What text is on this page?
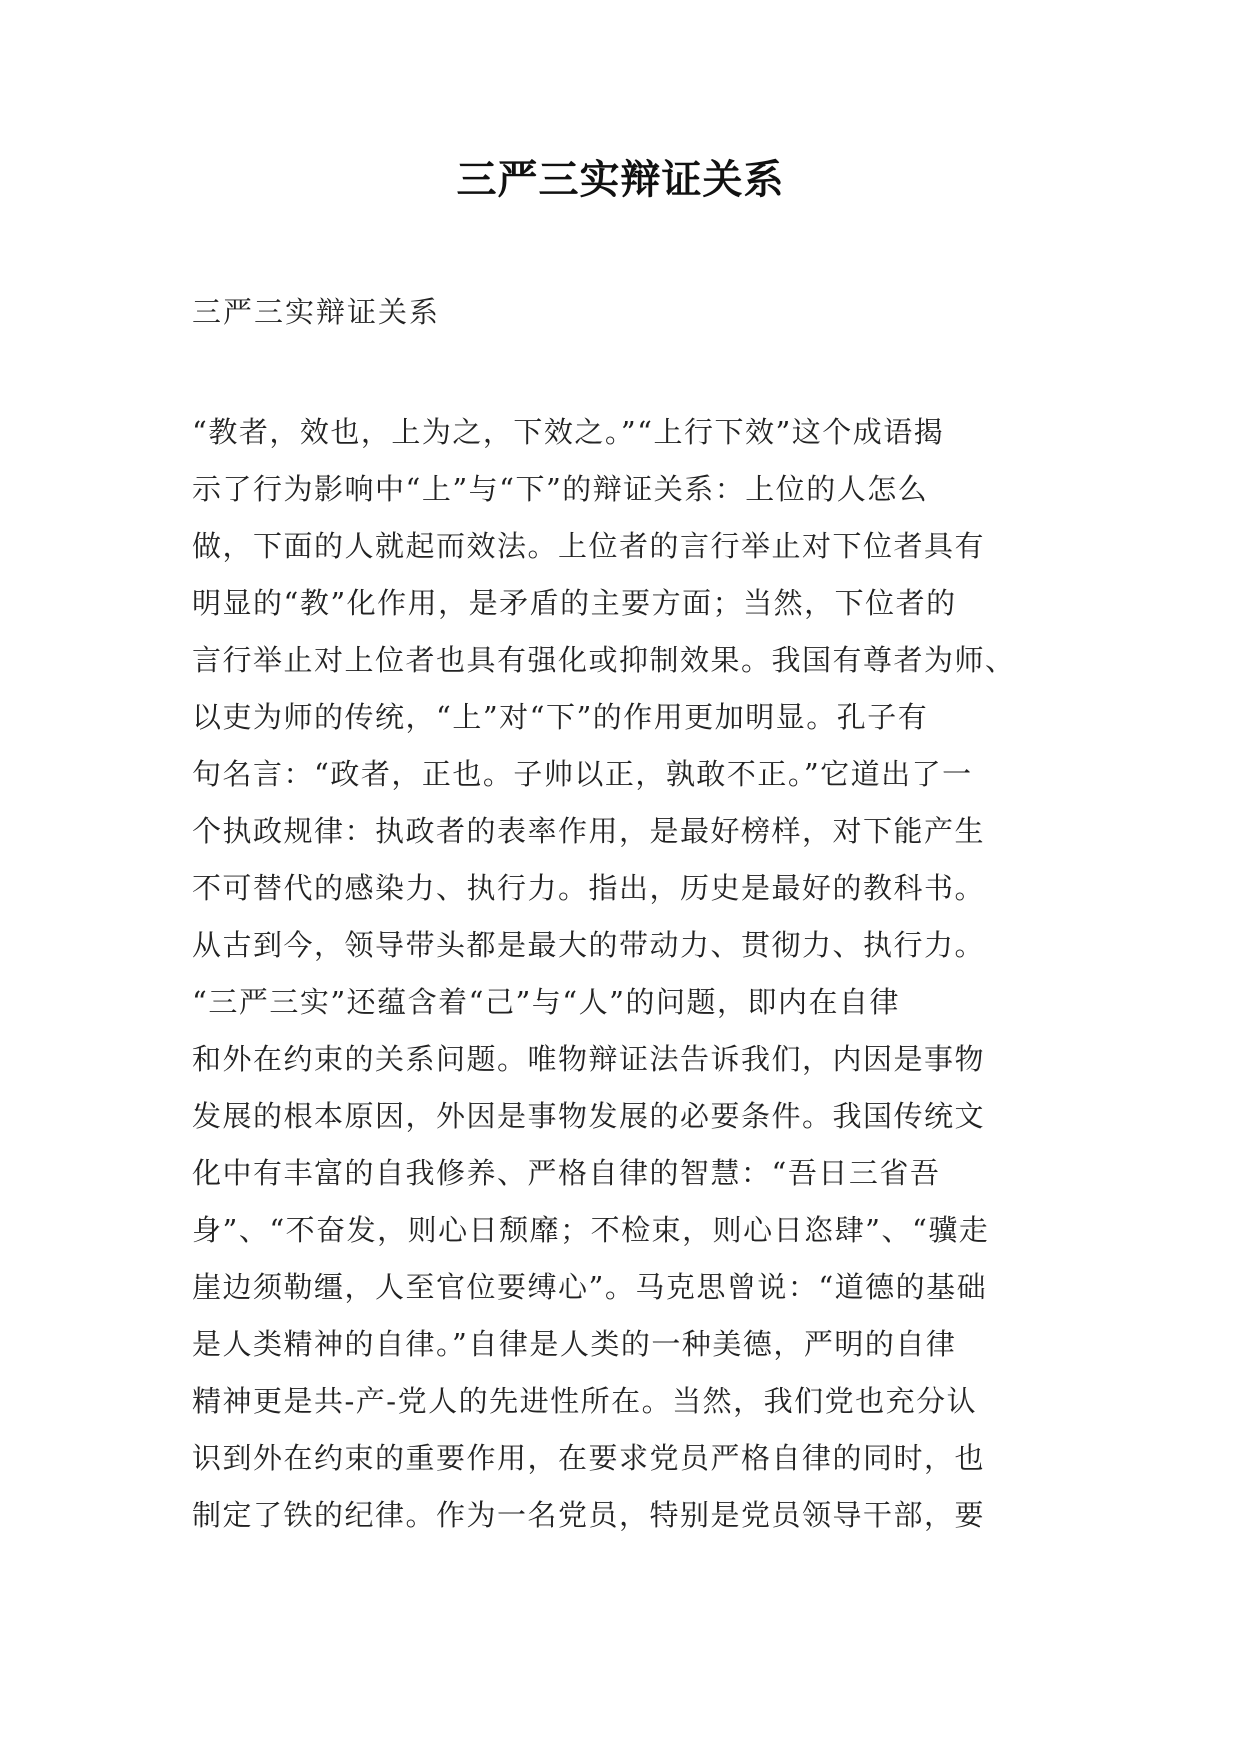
三严三实辩证关系

三严三实辩证关系

“教者，效也，上为之，下效之。”“上行下效”这个成语揭
示了行为影响中“上”与“下”的辩证关系：上位的人怎么
做，下面的人就起而效法。上位者的言行举止对下位者具有
明显的“教”化作用，是矛盾的主要方面；当然，下位者的
言行举止对上位者也具有强化或抑制效果。我国有尊者为师、
以吏为师的传统，“上”对“下”的作用更加明显。孔子有
句名言：“政者，正也。子帅以正，孰敢不正。”它道出了一
个执政规律：执政者的表率作用，是最好榜样，对下能产生
不可替代的感染力、执行力。指出，历史是最好的教科书。
从古到今，领导带头都是最大的带动力、贯彻力、执行力。
“三严三实”还蕴含着“己”与“人”的问题，即内在自律
和外在约束的关系问题。唯物辩证法告诉我们，内因是事物
发展的根本原因，外因是事物发展的必要条件。我国传统文
化中有丰富的自我修养、严格自律的智慧：“吾日三省吾
身”、“不奋发，则心日颓靡；不检束，则心日恣肆”、“骥走
崖边须勒缰，人至官位要缚心”。马克思曾说：“道德的基础
是人类精神的自律。”自律是人类的一种美德，严明的自律
精神更是共-产-党人的先进性所在。当然，我们党也充分认
识到外在约束的重要作用，在要求党员严格自律的同时，也
制定了铁的纪律。作为一名党员，特别是党员领导干部，要
